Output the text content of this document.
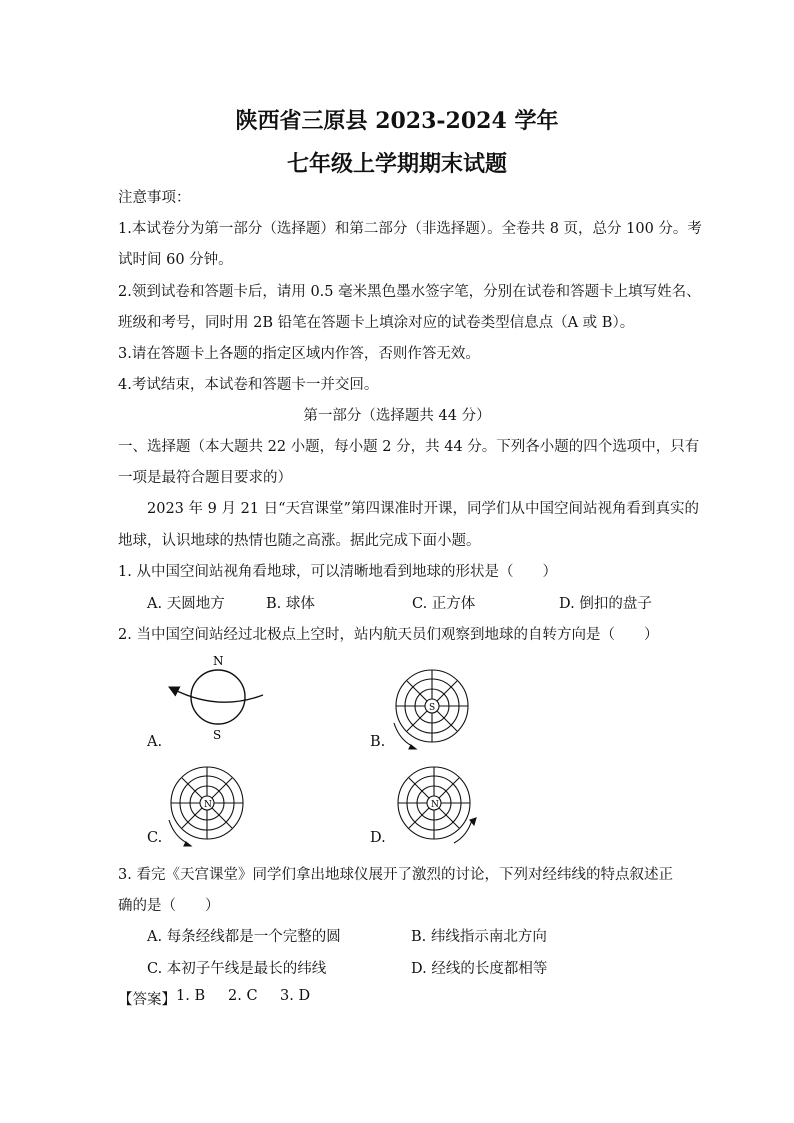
陕西省三原县 2023-2024 学年
七年级上学期期末试题
注意事项：
1.本试卷分为第一部分（选择题）和第二部分（非选择题）。全卷共 8 页，总分 100 分。考
试时间 60 分钟。
2.领到试卷和答题卡后，请用 0.5 毫米黑色墨水签字笔，分别在试卷和答题卡上填写姓名、
班级和考号，同时用 2B 铅笔在答题卡上填涂对应的试卷类型信息点（A 或 B）。
3.请在答题卡上各题的指定区域内作答，否则作答无效。
4.考试结束，本试卷和答题卡一并交回。
第一部分（选择题共 44 分）
一、选择题（本大题共 22 小题，每小题 2 分，共 44 分。下列各小题的四个选项中，只有
一项是最符合题目要求的）
2023 年 9 月 21 日“天宫课堂”第四课准时开课，同学们从中国空间站视角看到真实的
地球，认识地球的热情也随之高涨。据此完成下面小题。
1. 从中国空间站视角看地球，可以清晰地看到地球的形状是（　　）
A. 天圆地方	B. 球体	C. 正方体	D. 倒扣的盘子
2. 当中国空间站经过北极点上空时，站内航天员们观察到地球的自转方向是（　　）
N
S
A.
S
B.
N
C.
N
D.
3. 看完《天宫课堂》同学们拿出地球仪展开了激烈的讨论，下列对经纬线的特点叙述正
确的是（　　）
A. 每条经线都是一个完整的圆	B. 纬线指示南北方向
C. 本初子午线是最长的纬线	D. 经线的长度都相等
【答案】 1. B 2. C 3. D
